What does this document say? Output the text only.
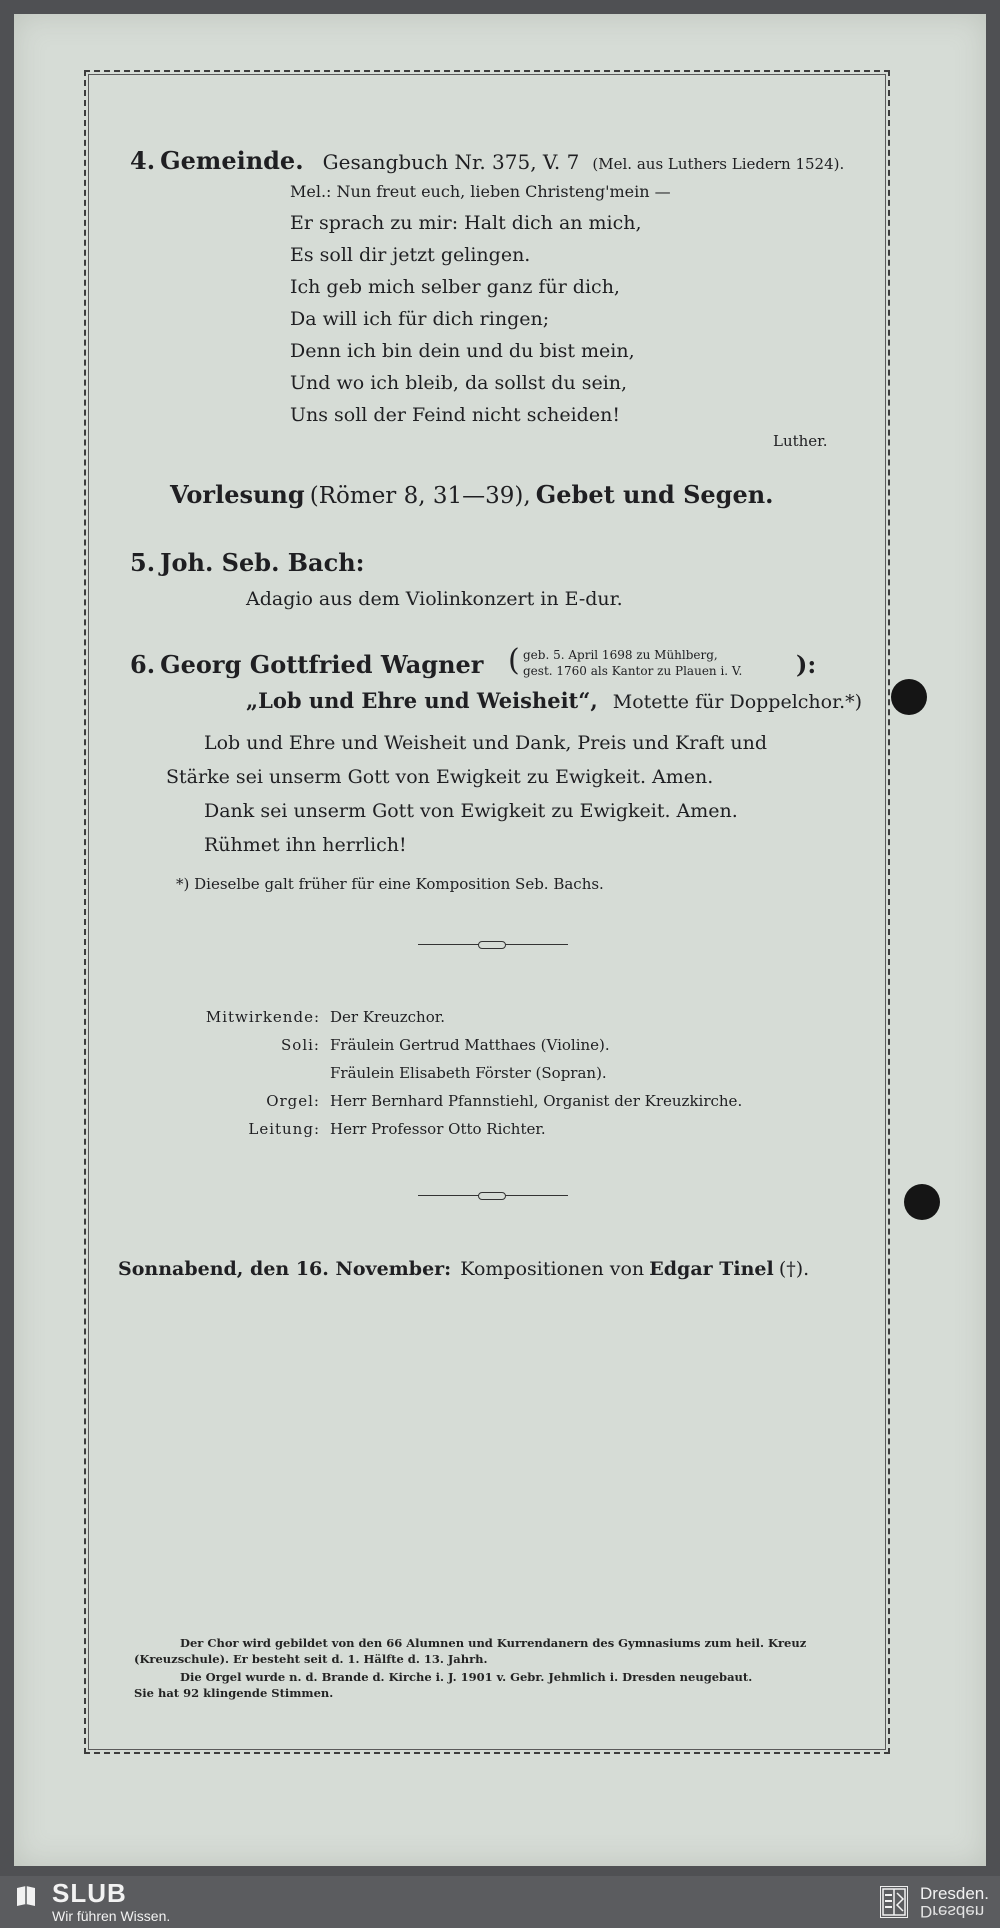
4. Gemeinde. Gesangbuch Nr. 375, V. 7 (Mel. aus Luthers Liedern 1524).
Mel.: Nun freut euch, lieben Christeng'mein —
Er sprach zu mir: Halt dich an mich,
Es soll dir jetzt gelingen.
Ich geb mich selber ganz für dich,
Da will ich für dich ringen;
Denn ich bin dein und du bist mein,
Und wo ich bleib, da sollst du sein,
Uns soll der Feind nicht scheiden!
Luther.
Vorlesung (Römer 8, 31—39), Gebet und Segen.
5. Joh. Seb. Bach:
Adagio aus dem Violinkonzert in E-dur.
6. Georg Gottfried Wagner ( geb. 5. April 1698 zu Mühlberg,
gest. 1760 als Kantor zu Plauen i. V. ):
„Lob und Ehre und Weisheit“, Motette für Doppelchor.*)
Lob und Ehre und Weisheit und Dank, Preis und Kraft und
Stärke sei unserm Gott von Ewigkeit zu Ewigkeit. Amen.
Dank sei unserm Gott von Ewigkeit zu Ewigkeit. Amen.
Rühmet ihn herrlich!
*) Dieselbe galt früher für eine Komposition Seb. Bachs.
Mitwirkende: Der Kreuzchor.
Soli: Fräulein Gertrud Matthaes (Violine).
Fräulein Elisabeth Förster (Sopran).
Orgel: Herr Bernhard Pfannstiehl, Organist der Kreuzkirche.
Leitung: Herr Professor Otto Richter.
Sonnabend, den 16. November: Kompositionen von Edgar Tinel (†).
Der Chor wird gebildet von den 66 Alumnen und Kurrendanern des Gymnasiums zum heil. Kreuz
(Kreuzschule). Er besteht seit d. 1. Hälfte d. 13. Jahrh.
Die Orgel wurde n. d. Brande d. Kirche i. J. 1901 v. Gebr. Jehmlich i. Dresden neugebaut.
Sie hat 92 klingende Stimmen.
SLUB
Wir führen Wissen.
Dresden.
Dresden
